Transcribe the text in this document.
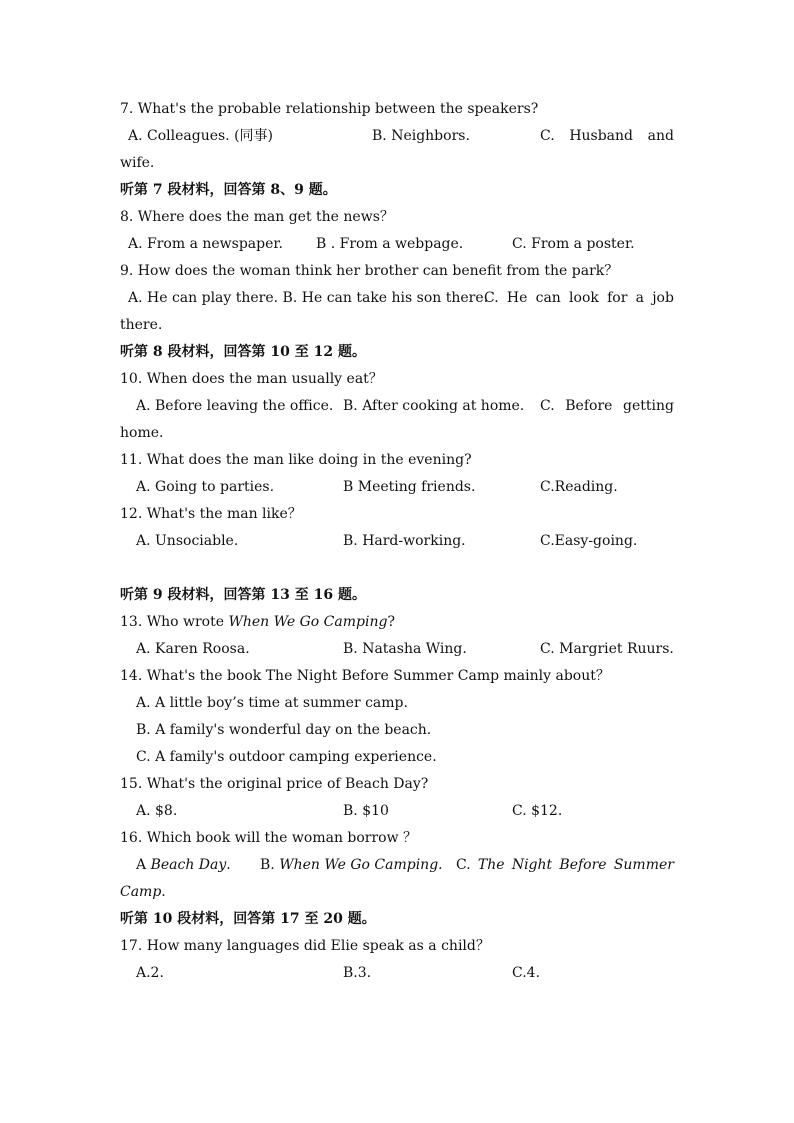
7. What's the probable relationship between the speakers?
A. Colleagues. (同事)	B. Neighbors.	C. Husband and
wife.
听第 7 段材料，回答第 8、9 题。
8. Where does the man get the news？
A. From a newspaper. B . From a webpage.	C. From a poster.
9. How does the woman think her brother can benefit from the park？
A. He can play there. B. He can take his son there.
C. He can look for a job
there.
听第 8 段材料，回答第 10 至 12 题。
10. When does the man usually eat？
A. Before leaving the office. B. After cooking at home. C. Before getting
home.
11. What does the man like doing in the evening?
A. Going to parties.	B Meeting friends.	C.Reading.
12. What's the man like？
A. Unsociable.	B. Hard-working.	C.Easy-going.
听第 9 段材料，回答第 13 至 16 题。
13. Who wrote When We Go Camping?
A. Karen Roosa.	B. Natasha Wing.	C. Margriet Ruurs.
14. What's the book The Night Before Summer Camp mainly about？
A. A little boy’s time at summer camp.
B. A family's wonderful day on the beach.
C. A family's outdoor camping experience.
15. What's the original price of Beach Day?
A. $8.	B. $10	C. $12.
16. Which book will the woman borrow ？
A Beach Day. B. When We Go Camping. C. The Night Before Summer
Camp.
听第 10 段材料，回答第 17 至 20 题。
17. How many languages did Elie speak as a child？
A.2.	B.3.	C.4.
